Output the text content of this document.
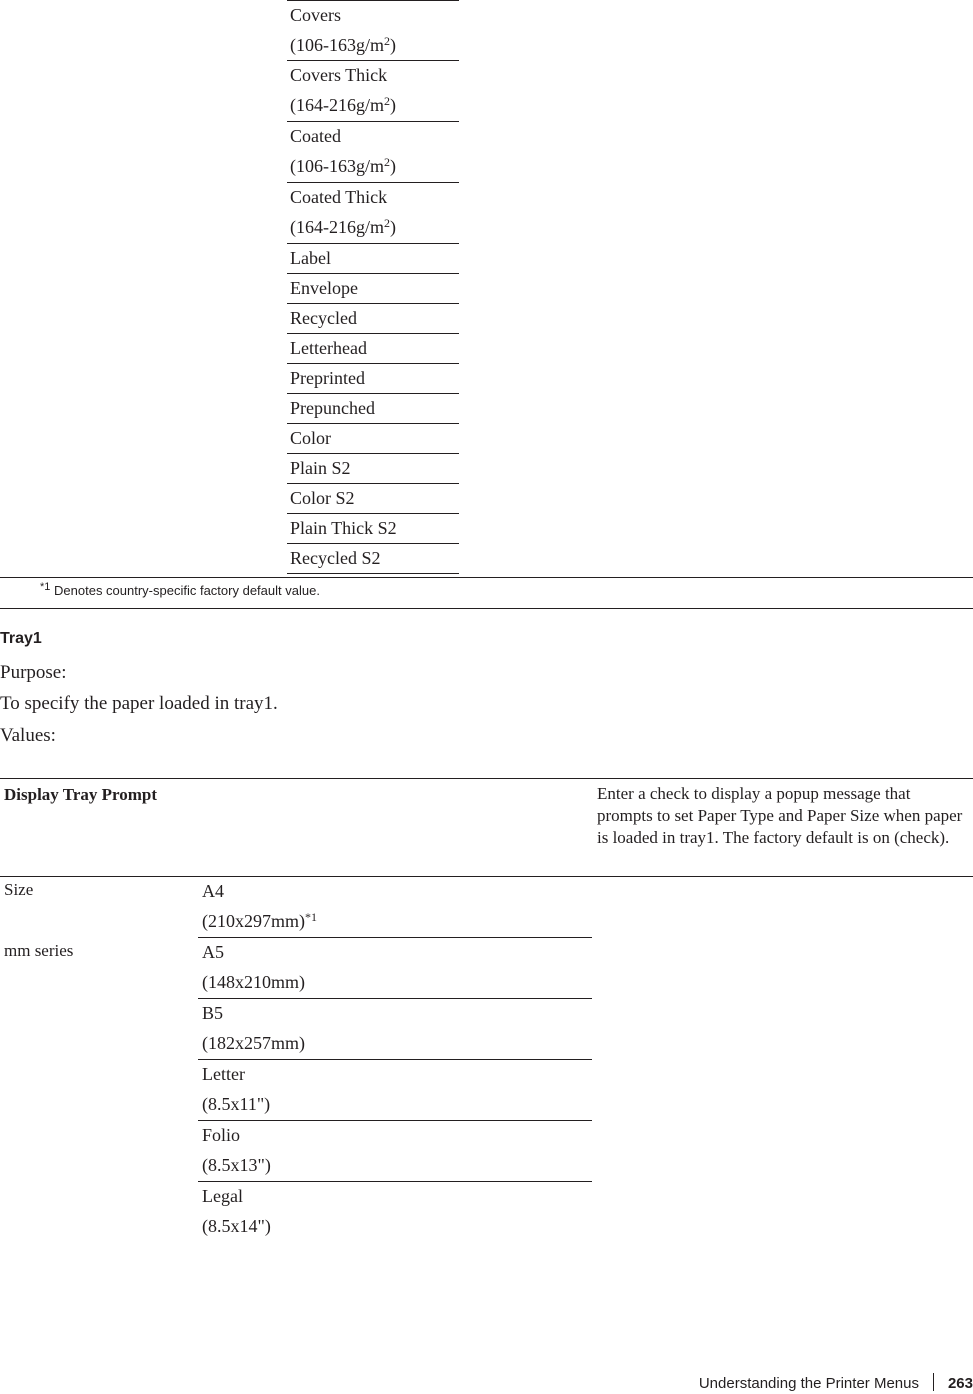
Covers
$(106-163g/m^2)$
Covers Thick
$(164-216g/m^2)$
Coated
$(106-163g/m^2)$
Coated Thick
$(164-216g/m^2)$
Label
Envelope
Recycled
Letterhead
Preprinted
Prepunched
Color
Plain S2
Color S2
Plain Thick S2
Recycled S2
$^{*1}$ Denotes country-specific factory default value.
Tray1
Purpose:
To specify the paper loaded in tray1.
Values:
Display Tray Prompt	Enter a check to display a popup message that prompts to set Paper Type and Paper Size when paper is loaded in tray1. The factory default is on (check).
Size
mm series
A4
$(210x297mm)^{*1}$
A5
(148x210mm)
B5
(182x257mm)
Letter
(8.5x11")
Folio
(8.5x13")
Legal
(8.5x14")
Understanding the Printer Menus 263
